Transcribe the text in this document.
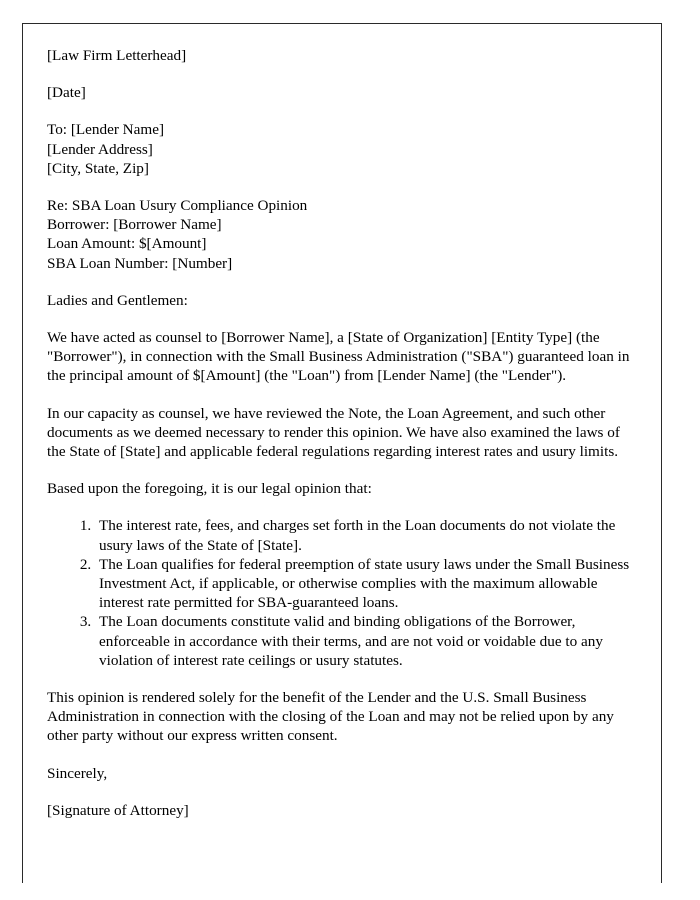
[Law Firm Letterhead]
[Date]
To: [Lender Name]
[Lender Address]
[City, State, Zip]
Re: SBA Loan Usury Compliance Opinion
Borrower: [Borrower Name]
Loan Amount: $[Amount]
SBA Loan Number: [Number]
Ladies and Gentlemen:

We have acted as counsel to [Borrower Name], a [State of Organization] [Entity Type] (the "Borrower"), in connection with the Small Business Administration ("SBA") guaranteed loan in the principal amount of $[Amount] (the "Loan") from [Lender Name] (the "Lender").

In our capacity as counsel, we have reviewed the Note, the Loan Agreement, and such other documents as we deemed necessary to render this opinion. We have also examined the laws of the State of [State] and applicable federal regulations regarding interest rates and usury limits.

Based upon the foregoing, it is our legal opinion that:

1. The interest rate, fees, and charges set forth in the Loan documents do not violate the usury laws of the State of [State].
2. The Loan qualifies for federal preemption of state usury laws under the Small Business Investment Act, if applicable, or otherwise complies with the maximum allowable interest rate permitted for SBA-guaranteed loans.
3. The Loan documents constitute valid and binding obligations of the Borrower, enforceable in accordance with their terms, and are not void or voidable due to any violation of interest rate ceilings or usury statutes.

This opinion is rendered solely for the benefit of the Lender and the U.S. Small Business Administration in connection with the closing of the Loan and may not be relied upon by any other party without our express written consent.

Sincerely,
[Signature of Attorney]
